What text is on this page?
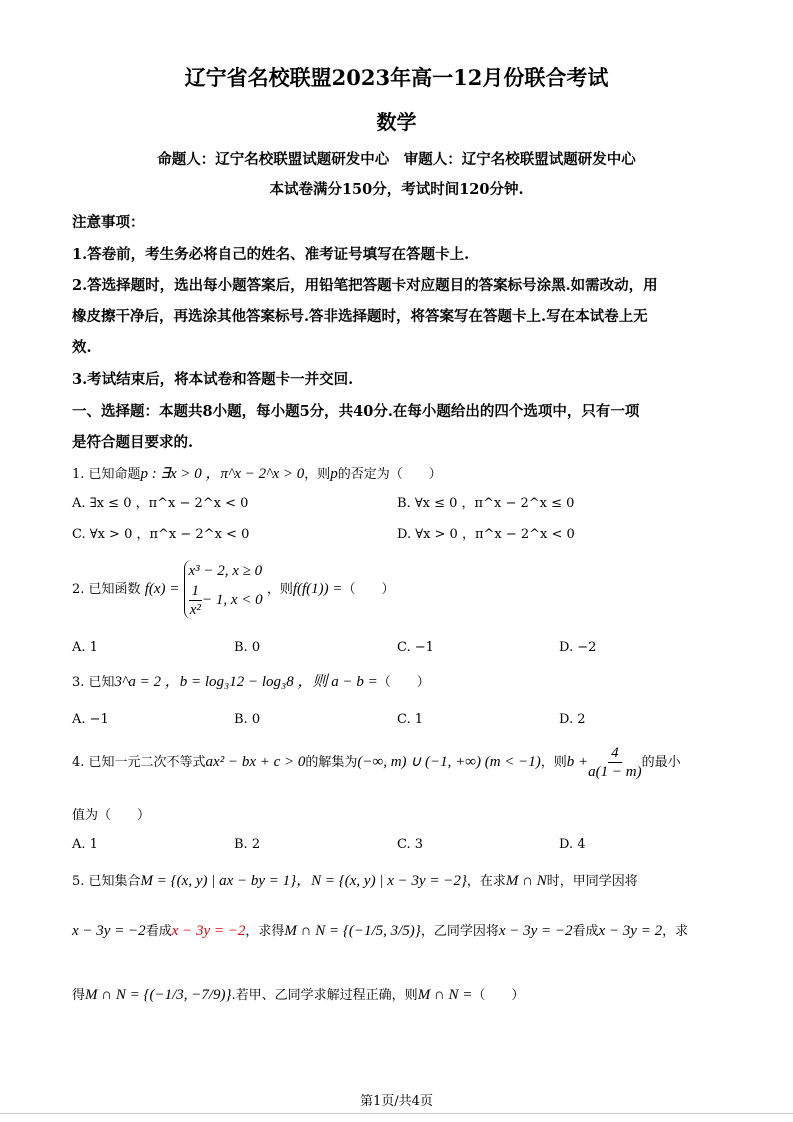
辽宁省名校联盟2023年高一12月份联合考试
数学
命题人：辽宁名校联盟试题研发中心　审题人：辽宁名校联盟试题研发中心
本试卷满分150分，考试时间120分钟.
注意事项：
1.答卷前，考生务必将自己的姓名、准考证号填写在答题卡上.
2.答选择题时，选出每小题答案后，用铅笔把答题卡对应题目的答案标号涂黑.如需改动，用
橡皮擦干净后，再选涂其他答案标号.答非选择题时，将答案写在答题卡上.写在本试卷上无
效.
3.考试结束后，将本试卷和答题卡一并交回.
一、选择题：本题共8小题，每小题5分，共40分.在每小题给出的四个选项中，只有一项
是符合题目要求的.
1. 已知命题p : ∃x > 0 ，π^x − 2^x > 0，则p的否定为（　　）
A. ∃x ≤ 0 ，π^x − 2^x < 0	B. ∀x ≤ 0 ，π^x − 2^x ≤ 0
C. ∀x > 0 ，π^x − 2^x < 0	D. ∀x > 0 ，π^x − 2^x < 0
2. 已知函数 f(x) =
x³ − 2, x ≥ 0
$\frac{1}{\text{x²}} - 1$, x < 0
，则f(f(1)) =（　　）
A. 1	B. 0	C. −1	D. −2
3. 已知3^a = 2 ，b = log₃12 − log₃8 ，则 a − b =（　　）
A. −1	B. 0	C. 1	D. 2
4. 已知一元二次不等式ax² − bx + c > 0的解集为(−∞, m) ∪ (−1, +∞) (m < −1)，则$b + \frac{4}{a(1 - m)}$ 的最小
值为（　　）
A. 1	B. 2	C. 3	D. 4
5. 已知集合M = {(x, y) | ax − by = 1}，N = {(x, y) | x − 3y = −2}，在求M ∩ N时，甲同学因将
x − 3y = −2看成x − 3y = −2，求得M ∩ N = {(−1/5, 3/5)}，乙同学因将x − 3y = −2看成x − 3y = 2，求
得M ∩ N = {(−1/3, −7/9)}.若甲、乙同学求解过程正确，则M ∩ N =（　　）
第1页/共4页
